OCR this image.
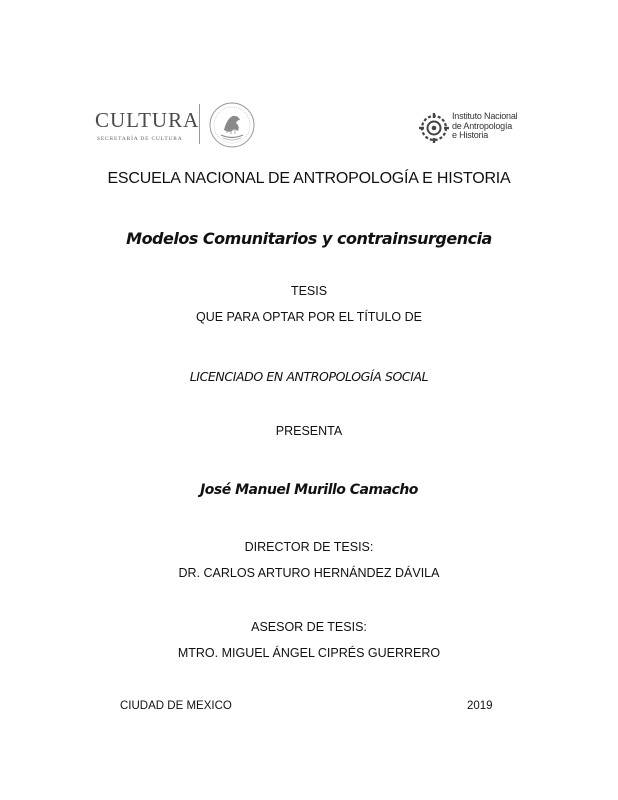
CULTURA
SECRETARÍA DE CULTURA
Instituto Nacional
de Antropología
e Historia
ESCUELA NACIONAL DE ANTROPOLOGÍA E HISTORIA
Modelos Comunitarios y contrainsurgencia
TESIS
QUE PARA OPTAR POR EL TÍTULO DE
LICENCIADO EN ANTROPOLOGÍA SOCIAL
PRESENTA
José Manuel Murillo Camacho
DIRECTOR DE TESIS:
DR. CARLOS ARTURO HERNÁNDEZ DÁVILA
ASESOR DE TESIS:
MTRO. MIGUEL ÁNGEL CIPRÉS GUERRERO
CIUDAD DE MEXICO	2019
